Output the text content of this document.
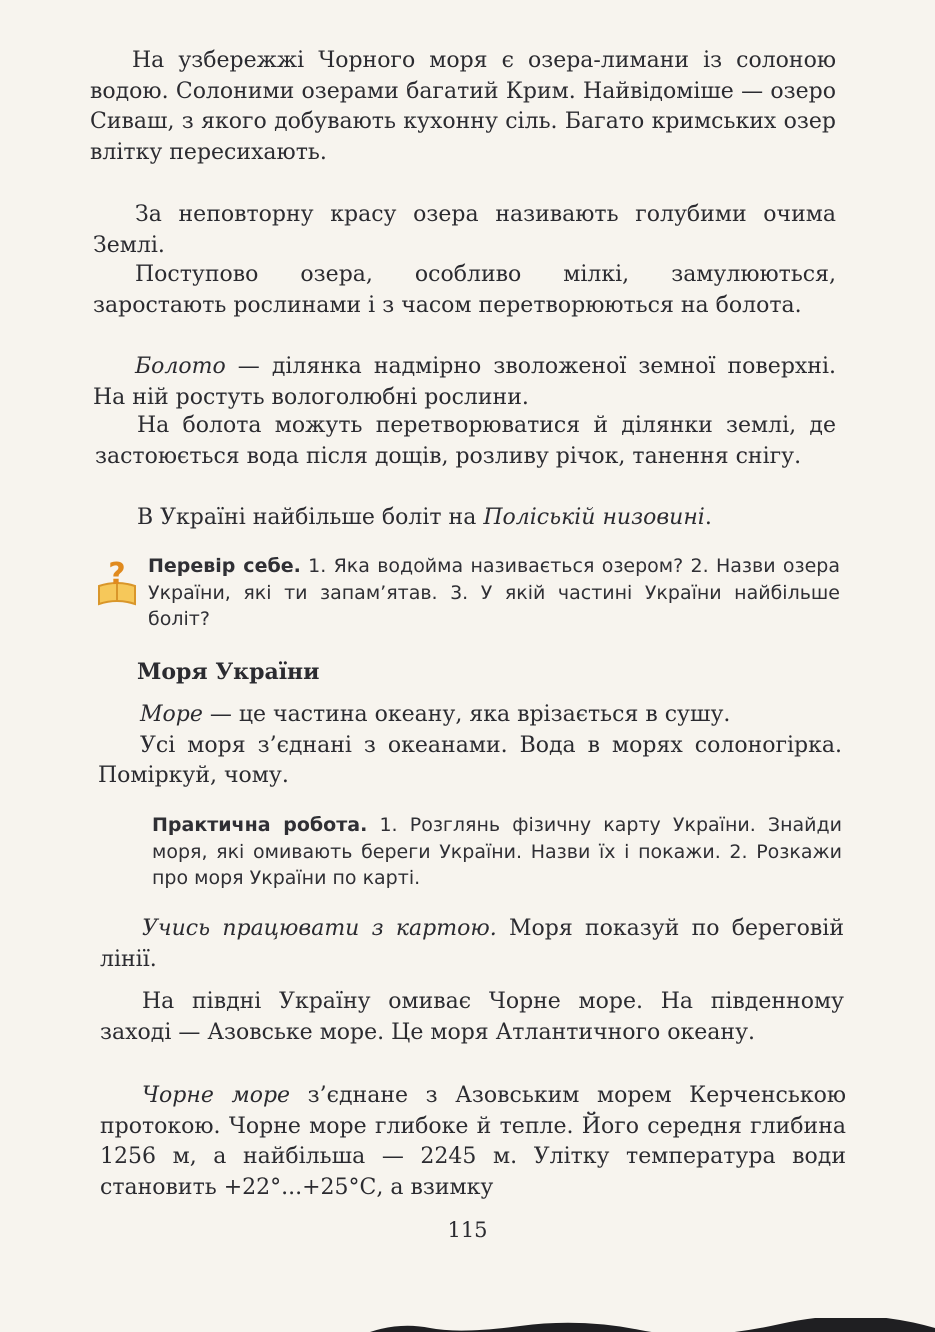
На узбережжі Чорного моря є озера-лимани із солоною водою. Солоними озерами багатий Крим. Найвідоміше — озеро Сиваш, з якого добувають кухонну сіль. Багато кримських озер влітку пересихають.

За неповторну красу озера називають голубими очима Землі.

Поступово озера, особливо мілкі, замулюються, заростають рослинами і з часом перетворюються на болота.

Болото — ділянка надмірно зволоженої земної поверхні. На ній ростуть вологолюбні рослини.

На болота можуть перетворюватися й ділянки землі, де застоюється вода після дощів, розливу річок, танення снігу.

В Україні найбільше боліт на Поліській низовині.

? Перевір себе. 1. Яка водойма називається озером? 2. Назви озера України, які ти запам’ятав. 3. У якій частині України найбільше боліт?
Моря України

Море — це частина океану, яка врізається в сушу.

Усі моря з’єднані з океанами. Вода в морях солоногірка. Поміркуй, чому.

Практична робота. 1. Розглянь фізичну карту України. Знайди моря, які омивають береги України. Назви їх і покажи. 2. Розкажи про моря України по карті.

Учись працювати з картою. Моря показуй по береговій лінії.

На півдні Україну омиває Чорне море. На південному заході — Азовське море. Це моря Атлантичного океану.

Чорне море з’єднане з Азовським морем Керченською протокою. Чорне море глибоке й тепле. Його середня глибина 1256 м, а найбільша — 2245 м. Улітку температура води становить +22°...+25°С, а взимку

115
